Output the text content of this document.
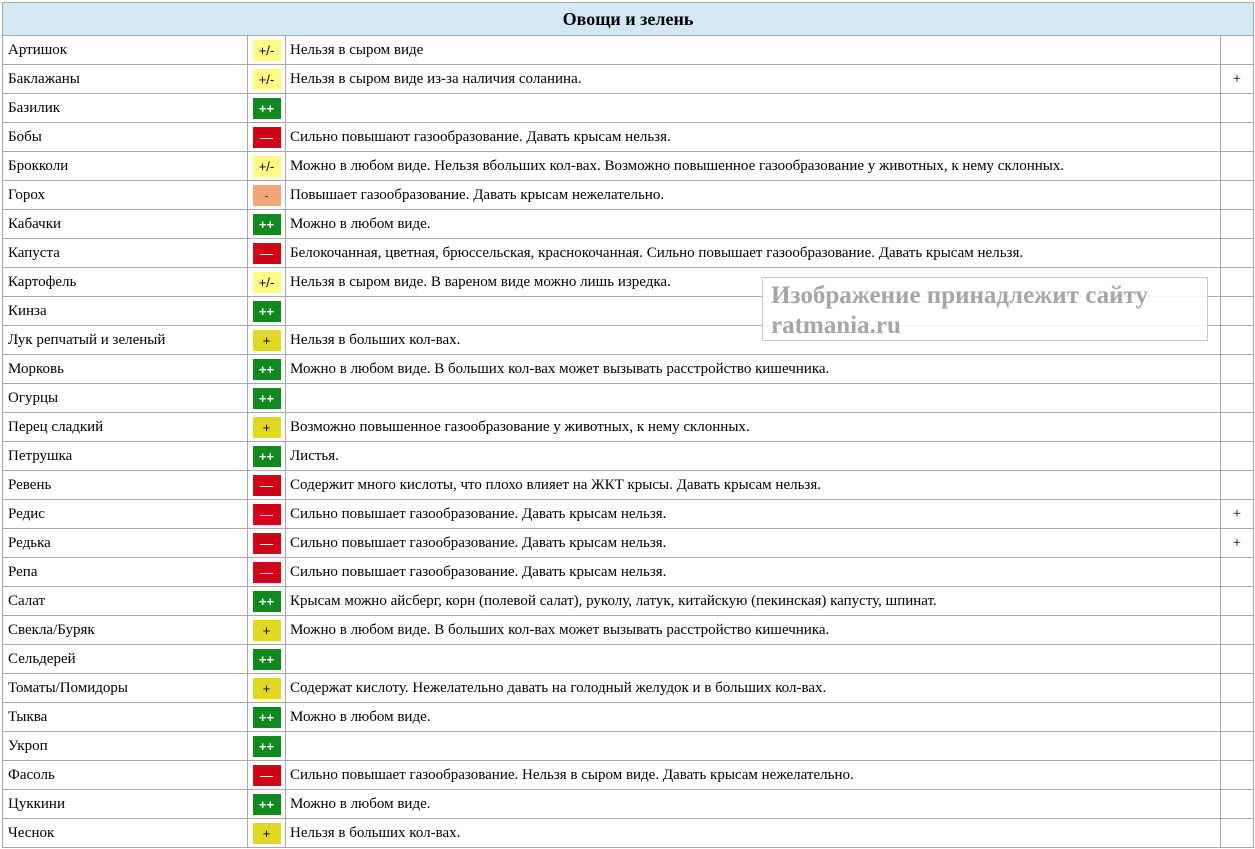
Овощи и зелень			
Артишок	+/-	Нельзя в сыром виде	
Баклажаны	+/-	Нельзя в сыром виде из-за наличия соланина.	+
Базилик	++		
Бобы	—	Сильно повышают газообразование. Давать крысам нельзя.	
Брокколи	+/-	Можно в любом виде. Нельзя вбольших кол-вах. Возможно повышенное газообразование у животных, к нему склонных.	
Горох	-	Повышает газообразование. Давать крысам нежелательно.	
Кабачки	++	Можно в любом виде.	
Капуста	—	Белокочанная, цветная, брюссельская, краснокочанная. Сильно повышает газообразование. Давать крысам нельзя.	
Картофель	+/-	Нельзя в сыром виде. В вареном виде можно лишь изредка.	
Кинза	++		
Лук репчатый и зеленый	+	Нельзя в больших кол-вах.	
Морковь	++	Можно в любом виде. В больших кол-вах может вызывать расстройство кишечника.	
Огурцы	++		
Перец сладкий	+	Возможно повышенное газообразование у животных, к нему склонных.	
Петрушка	++	Листья.	
Ревень	—	Содержит много кислоты, что плохо влияет на ЖКТ крысы. Давать крысам нельзя.	
Редис	—	Сильно повышает газообразование. Давать крысам нельзя.	+
Редька	—	Сильно повышает газообразование. Давать крысам нельзя.	+
Репа	—	Сильно повышает газообразование. Давать крысам нельзя.	
Салат	++	Крысам можно айсберг, корн (полевой салат), руколу, латук, китайскую (пекинская) капусту, шпинат.	
Свекла/Буряк	+	Можно в любом виде. В больших кол-вах может вызывать расстройство кишечника.	
Сельдерей	++		
Томаты/Помидоры	+	Содержат кислоту. Нежелательно давать на голодный желудок и в больших кол-вах.	
Тыква	++	Можно в любом виде.	
Укроп	++		
Фасоль	—	Сильно повышает газообразование. Нельзя в сыром виде. Давать крысам нежелательно.	
Цуккини	++	Можно в любом виде.	
Чеснок	+	Нельзя в больших кол-вах.	
Изображение принадлежит сайту
ratmania.ru
